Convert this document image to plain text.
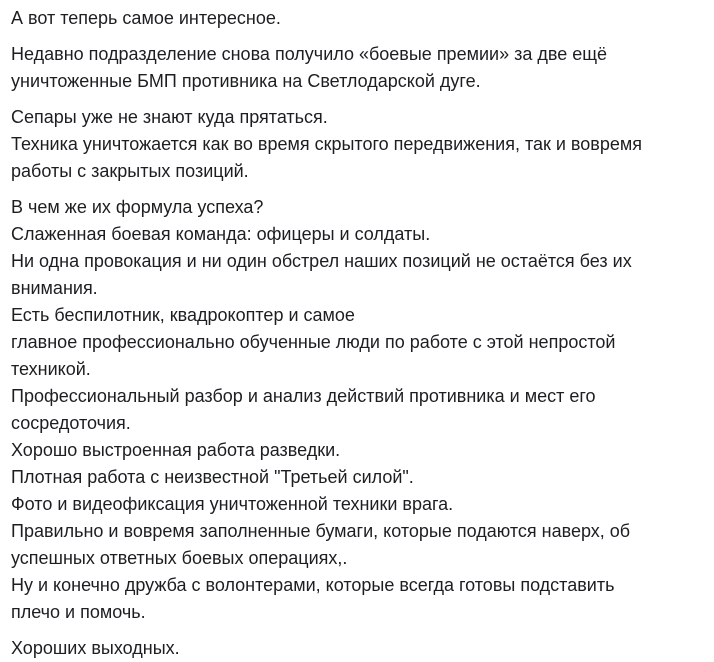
А вот теперь самое интересное.
Недавно подразделение снова получило «боевые премии» за две ещё
уничтоженные БМП противника на Светлодарской дуге.
Сепары уже не знают куда прятаться.
Техника уничтожается как во время скрытого передвижения, так и вовремя
работы с закрытых позиций.
В чем же их формула успеха?
Слаженная боевая команда: офицеры и солдаты.
Ни одна провокация и ни один обстрел наших позиций не остаётся без их
внимания.
Есть беспилотник, квадрокоптер и самое
главное профессионально обученные люди по работе с этой непростой
техникой.
Профессиональный разбор и анализ действий противника и мест его
сосредоточия.
Хорошо выстроенная работа разведки.
Плотная работа с неизвестной "Третьей силой".
Фото и видеофиксация уничтоженной техники врага.
Правильно и вовремя заполненные бумаги, которые подаются наверх, об
успешных ответных боевых операциях,.
Ну и конечно дружба с волонтерами, которые всегда готовы подставить
плечо и помочь.
Хороших выходных.
